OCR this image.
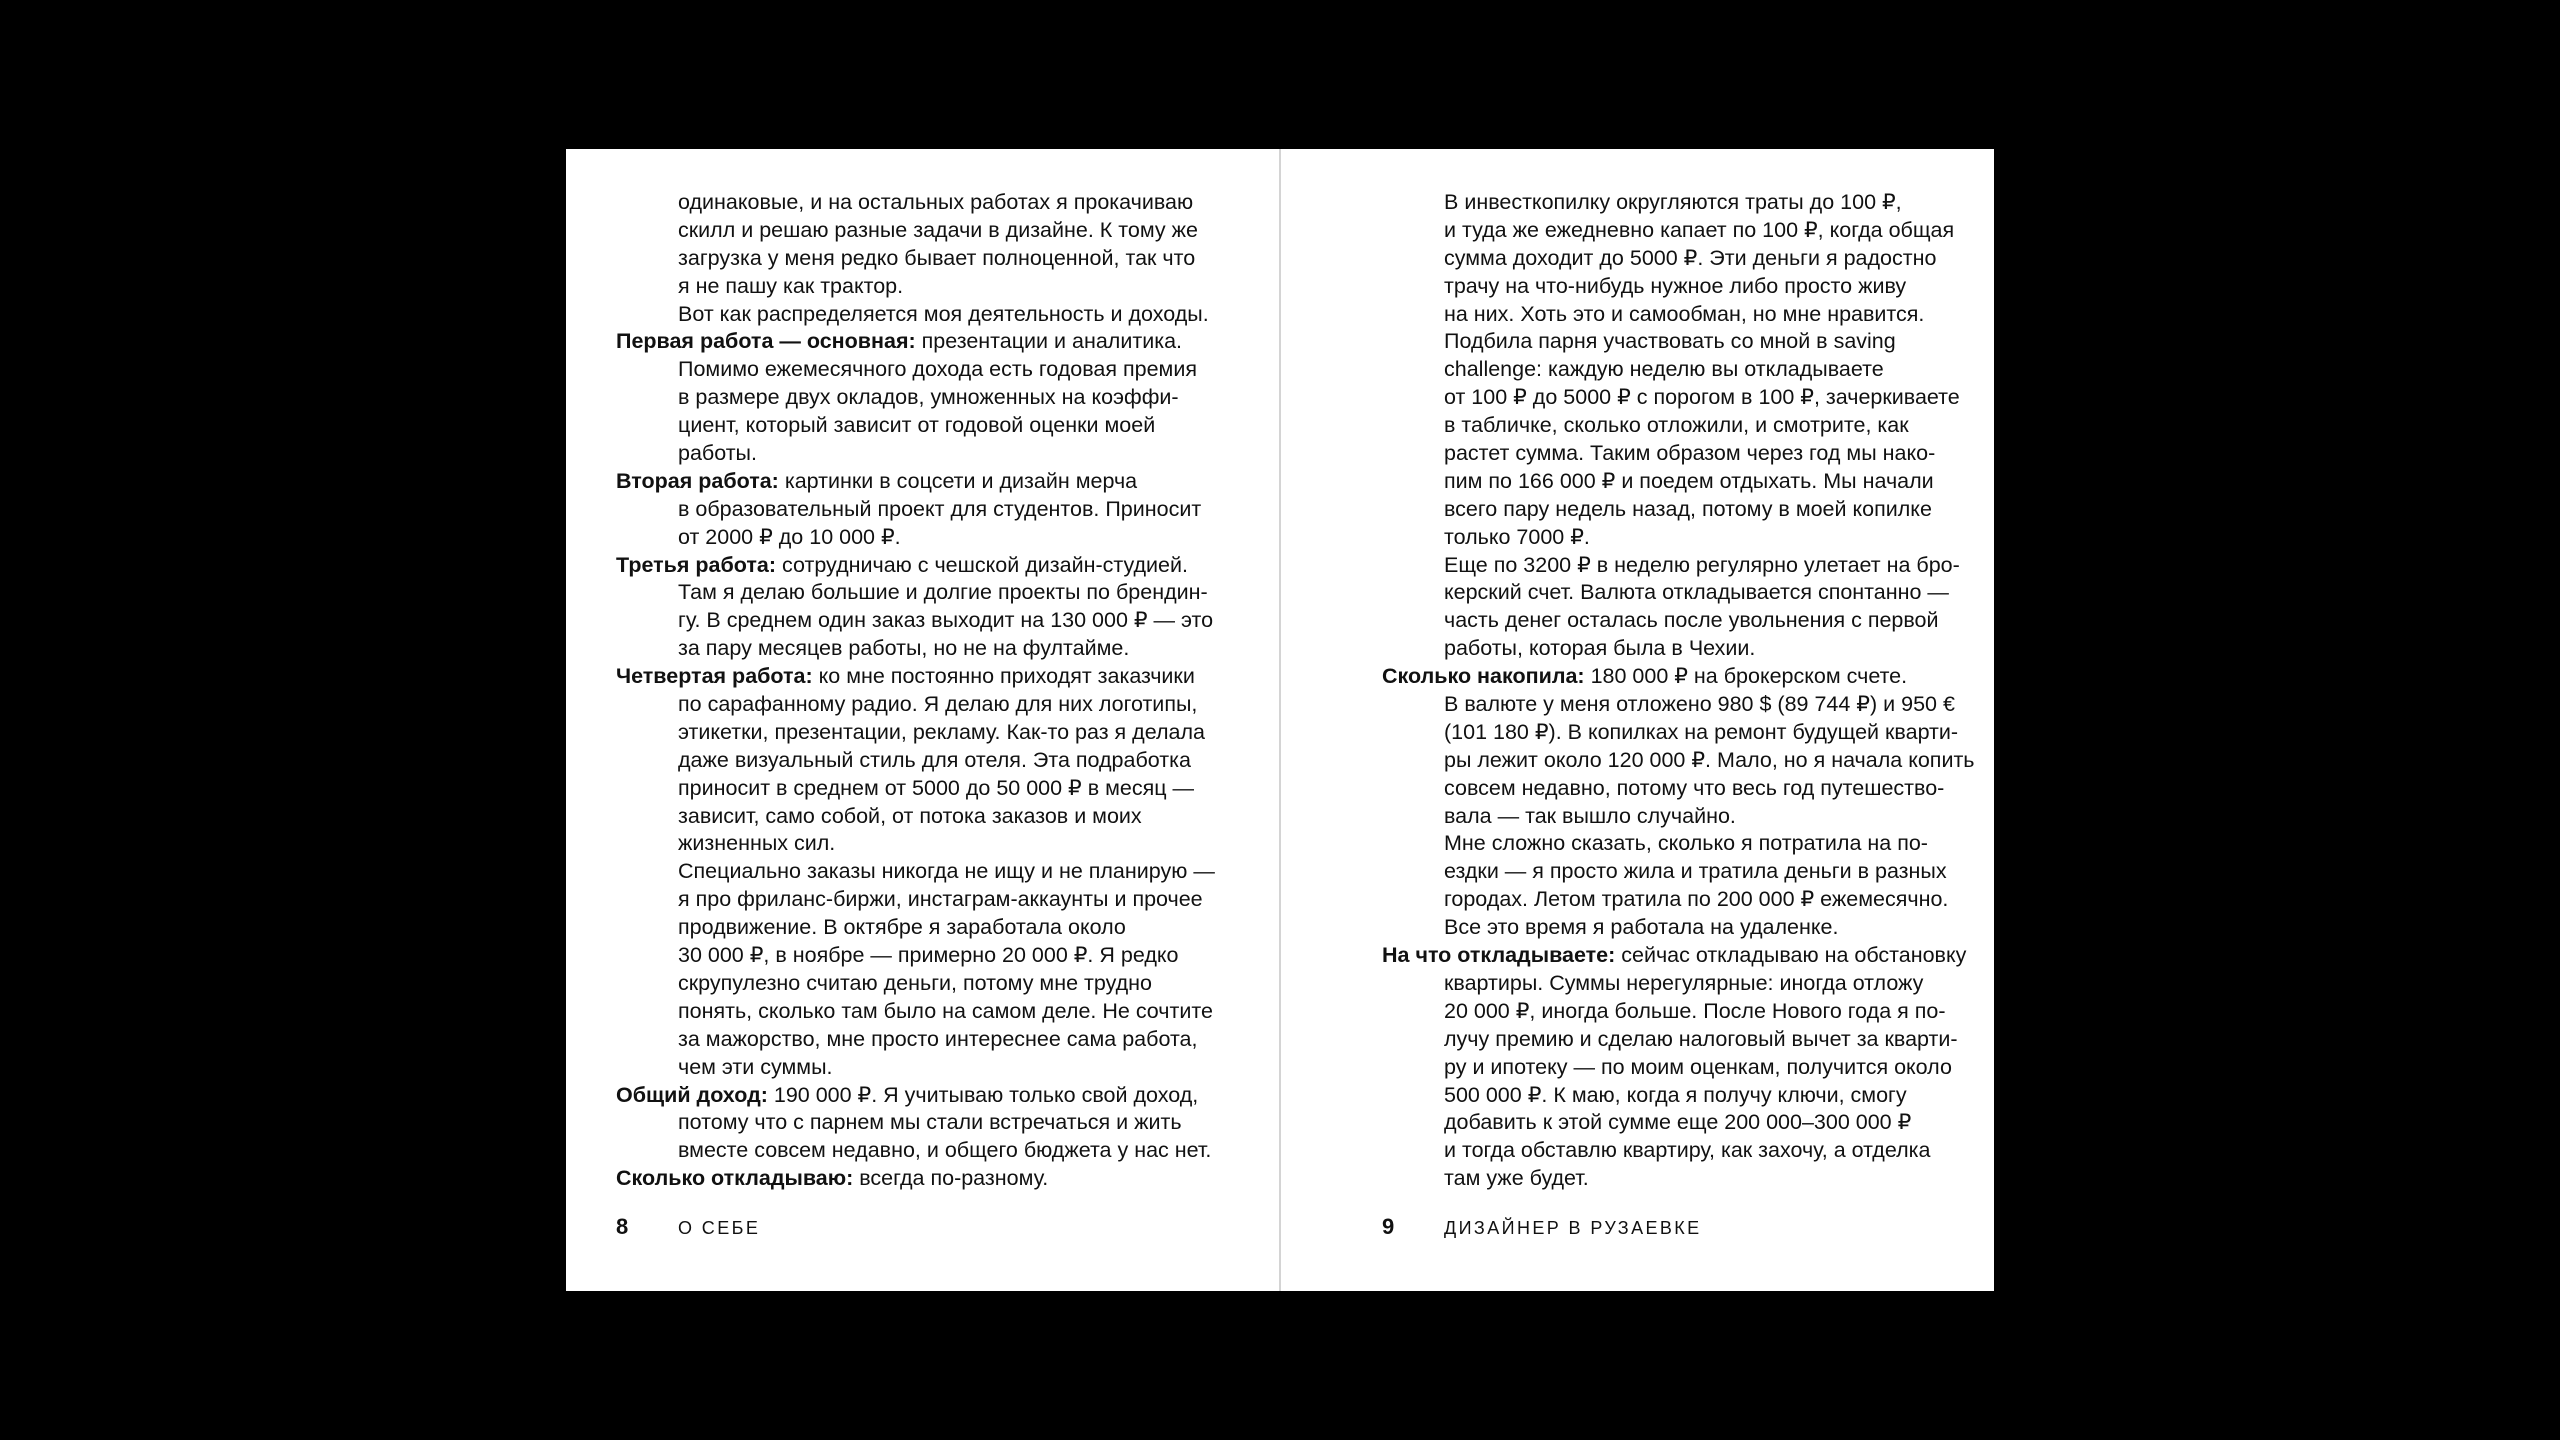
одинаковые, и на остальных работах я прокачиваю
скилл и решаю разные задачи в дизайне. К тому же
загрузка у меня редко бывает полноценной, так что
я не пашу как трактор.
Вот как распределяется моя деятельность и доходы.
Первая работа — основная: презентации и аналитика.
Помимо ежемесячного дохода есть годовая премия
в размере двух окладов, умноженных на коэффи-
циент, который зависит от годовой оценки моей
работы.
Вторая работа: картинки в соцсети и дизайн мерча
в образовательный проект для студентов. Приносит
от 2000 ₽ до 10 000 ₽.
Третья работа: сотрудничаю с чешской дизайн-студией.
Там я делаю большие и долгие проекты по брендин-
гу. В среднем один заказ выходит на 130 000 ₽ — это
за пару месяцев работы, но не на фултайме.
Четвертая работа: ко мне постоянно приходят заказчики
по сарафанному радио. Я делаю для них логотипы,
этикетки, презентации, рекламу. Как-то раз я делала
даже визуальный стиль для отеля. Эта подработка
приносит в среднем от 5000 до 50 000 ₽ в месяц —
зависит, само собой, от потока заказов и моих
жизненных сил.
Специально заказы никогда не ищу и не планирую —
я про фриланс-биржи, инстаграм-аккаунты и прочее
продвижение. В октябре я заработала около
30 000 ₽, в ноябре — примерно 20 000 ₽. Я редко
скрупулезно считаю деньги, потому мне трудно
понять, сколько там было на самом деле. Не сочтите
за мажорство, мне просто интереснее сама работа,
чем эти суммы.
Общий доход: 190 000 ₽. Я учитываю только свой доход,
потому что с парнем мы стали встречаться и жить
вместе совсем недавно, и общего бюджета у нас нет.
Сколько откладываю: всегда по-разному.
В инвесткопилку округляются траты до 100 ₽,
и туда же ежедневно капает по 100 ₽, когда общая
сумма доходит до 5000 ₽. Эти деньги я радостно
трачу на что-нибудь нужное либо просто живу
на них. Хоть это и самообман, но мне нравится.
Подбила парня участвовать со мной в saving
challenge: каждую неделю вы откладываете
от 100 ₽ до 5000 ₽ с порогом в 100 ₽, зачеркиваете
в табличке, сколько отложили, и смотрите, как
растет сумма. Таким образом через год мы нако-
пим по 166 000 ₽ и поедем отдыхать. Мы начали
всего пару недель назад, потому в моей копилке
только 7000 ₽.
Еще по 3200 ₽ в неделю регулярно улетает на бро-
керский счет. Валюта откладывается спонтанно —
часть денег осталась после увольнения с первой
работы, которая была в Чехии.
Сколько накопила: 180 000 ₽ на брокерском счете.
В валюте у меня отложено 980 $ (89 744 ₽) и 950 €
(101 180 ₽). В копилках на ремонт будущей кварти-
ры лежит около 120 000 ₽. Мало, но я начала копить
совсем недавно, потому что весь год путешество-
вала — так вышло случайно.
Мне сложно сказать, сколько я потратила на по-
ездки — я просто жила и тратила деньги в разных
городах. Летом тратила по 200 000 ₽ ежемесячно.
Все это время я работала на удаленке.
На что откладываете: сейчас откладываю на обстановку
квартиры. Суммы нерегулярные: иногда отложу
20 000 ₽, иногда больше. После Нового года я по-
лучу премию и сделаю налоговый вычет за кварти-
ру и ипотеку — по моим оценкам, получится около
500 000 ₽. К маю, когда я получу ключи, смогу
добавить к этой сумме еще 200 000–300 000 ₽
и тогда обставлю квартиру, как захочу, а отделка
там уже будет.
8	О СЕБЕ	9	ДИЗАЙНЕР В РУЗАЕВКЕ
